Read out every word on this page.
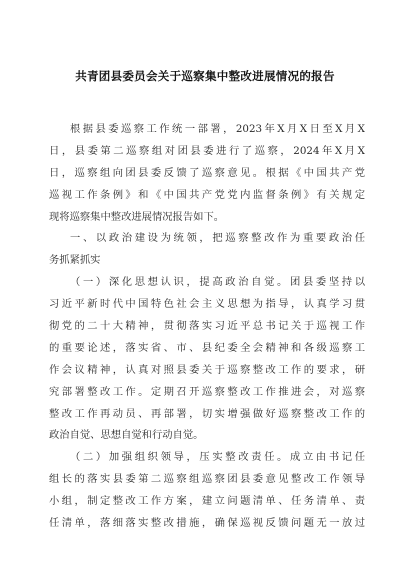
共青团县委员会关于巡察集中整改进展情况的报告
根据县委巡察工作统一部署，2023年X月X日至X月X
日，县委第二巡察组对团县委进行了巡察，2024年X月X
日，巡察组向团县委反馈了巡察意见。根据《中国共产党
巡视工作条例》和《中国共产党党内监督条例》有关规定
现将巡察集中整改进展情况报告如下。
一、以政治建设为统领，把巡察整改作为重要政治任
务抓紧抓实
（一）深化思想认识，提高政治自觉。团县委坚持以
习近平新时代中国特色社会主义思想为指导，认真学习贯
彻党的二十大精神，贯彻落实习近平总书记关于巡视工作
的重要论述，落实省、市、县纪委全会精神和各级巡察工
作会议精神，认真对照县委关于巡察整改工作的要求，研
究部署整改工作。定期召开巡察整改工作推进会，对巡察
整改工作再动员、再部署，切实增强做好巡察整改工作的
政治自觉、思想自觉和行动自觉。
（二）加强组织领导，压实整改责任。成立由书记任
组长的落实县委第二巡察组巡察团县委意见整改工作领导
小组，制定整改工作方案，建立问题清单、任务清单、责
任清单，落细落实整改措施，确保巡视反馈问题无一放过
